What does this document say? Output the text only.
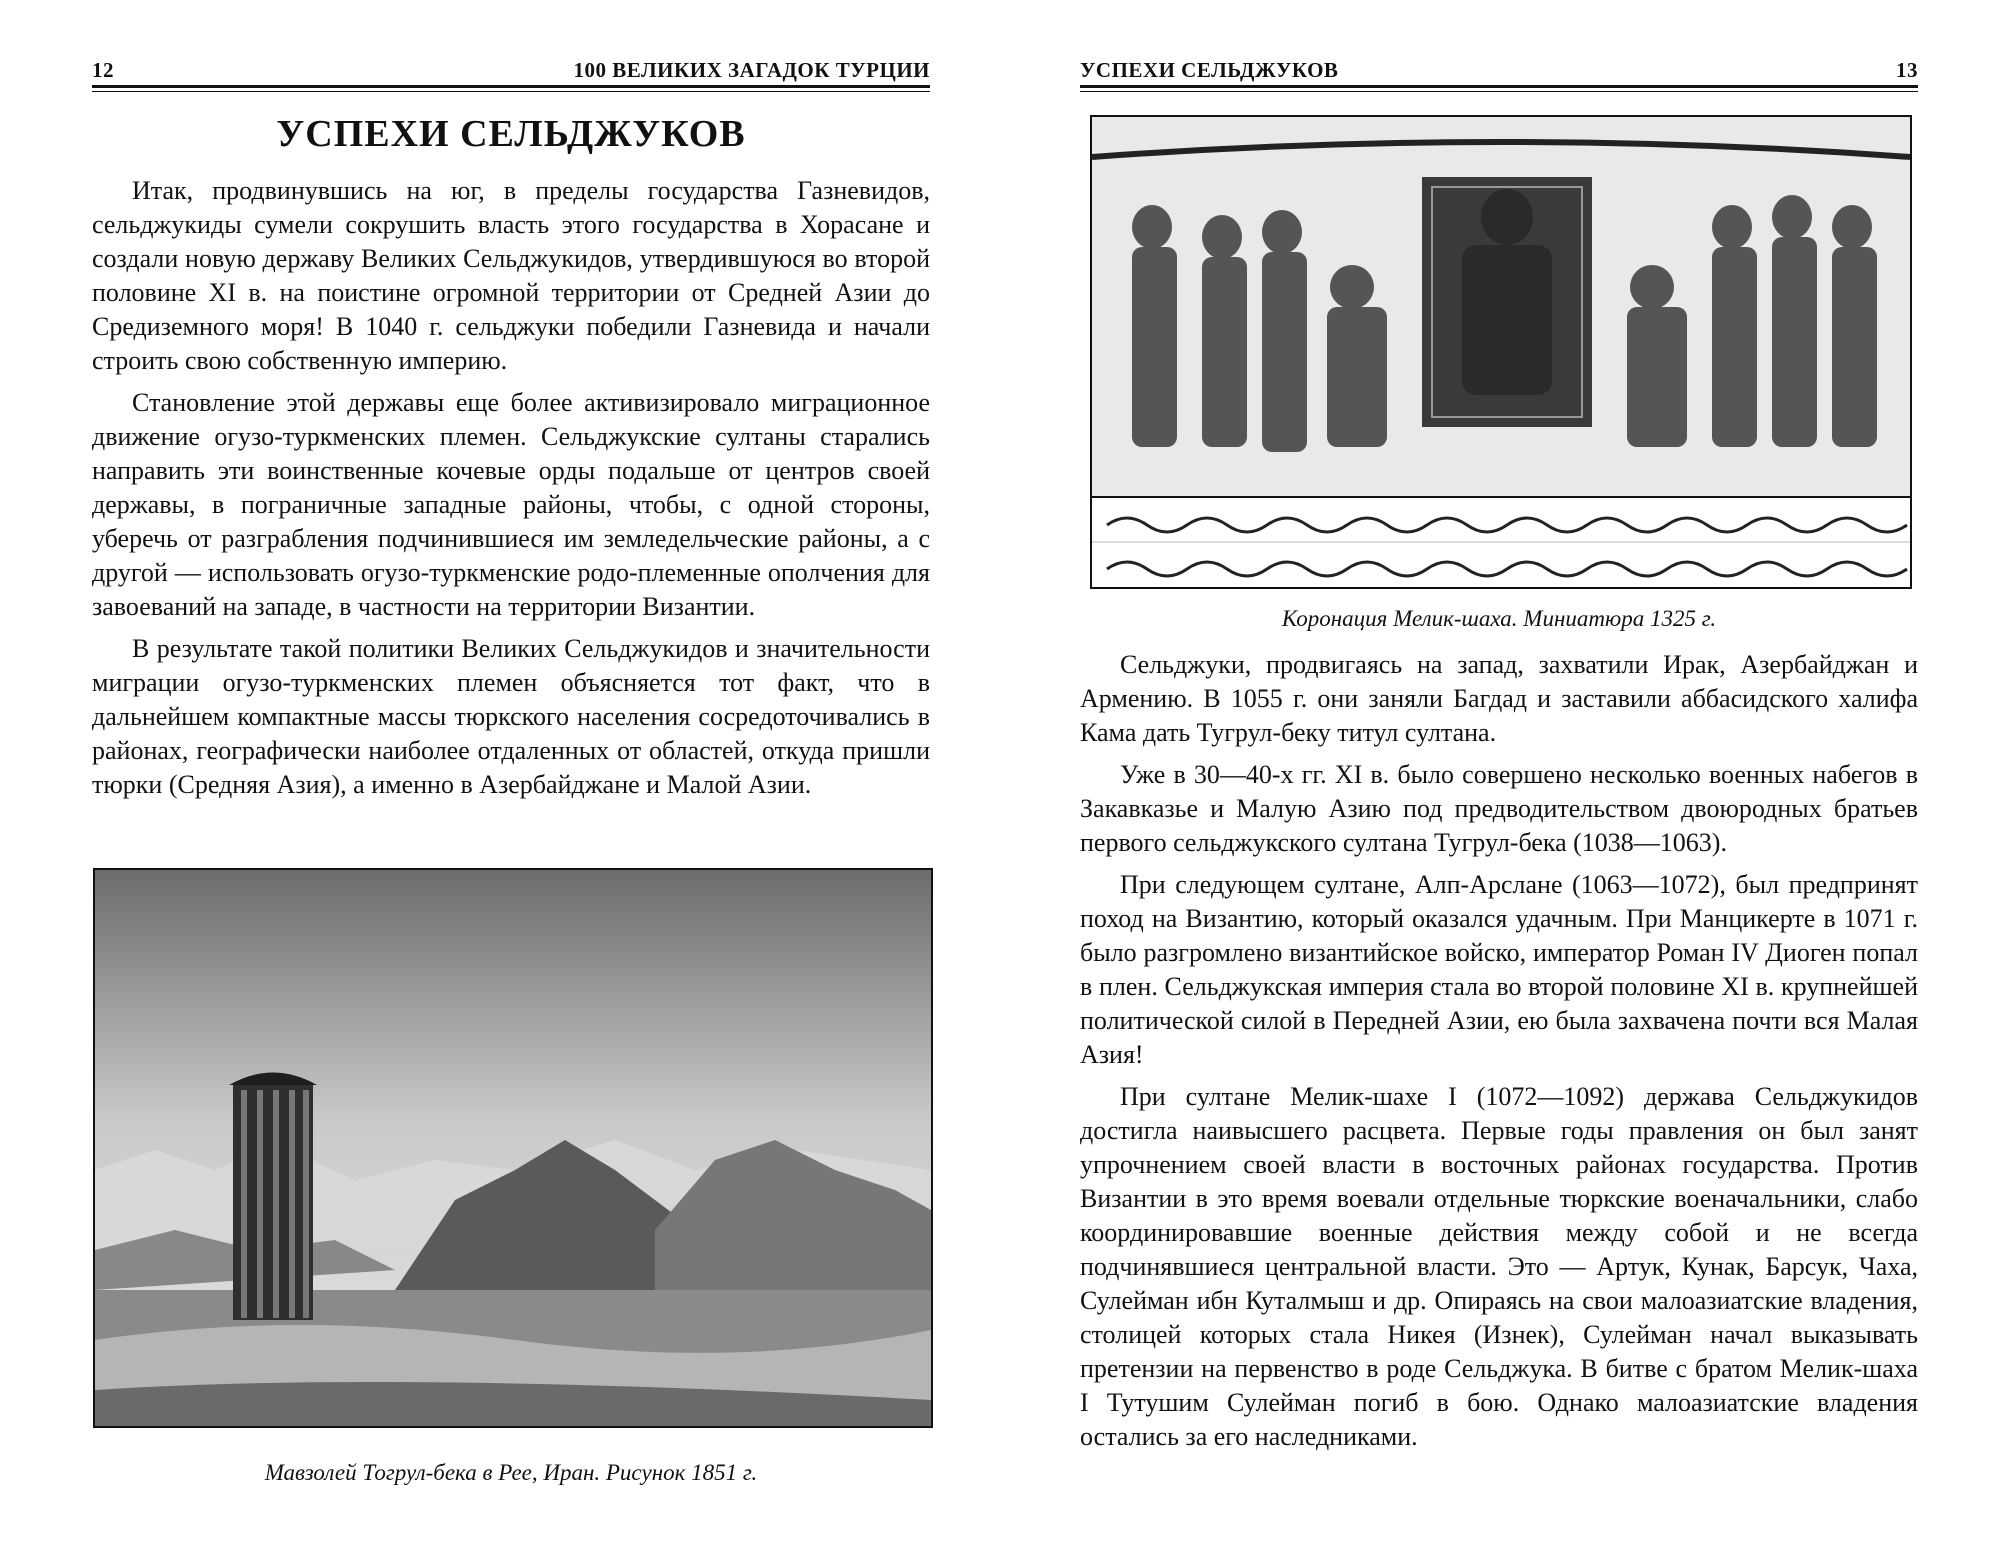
12	100 ВЕЛИКИХ ЗАГАДОК ТУРЦИИ
УСПЕХИ СЕЛЬДЖУКОВ

Итак, продвинувшись на юг, в пределы государства Газневидов, сельджукиды сумели сокрушить власть этого государства в Хорасане и создали новую державу Великих Сельджукидов, утвердившуюся во второй половине XI в. на поистине огромной территории от Средней Азии до Средиземного моря! В 1040 г. сельджуки победили Газневида и начали строить свою собственную империю.

Становление этой державы еще более активизировало миграционное движение огузо-туркменских племен. Сельджукские султаны старались направить эти воинственные кочевые орды подальше от центров своей державы, в пограничные западные районы, чтобы, с одной стороны, уберечь от разграбления подчинившиеся им земледельческие районы, а с другой — использовать огузо-туркменские родо-племенные ополчения для завоеваний на западе, в частности на территории Византии.

В результате такой политики Великих Сельджукидов и значительности миграции огузо-туркменских племен объясняется тот факт, что в дальнейшем компактные массы тюркского населения сосредоточивались в районах, географически наиболее отдаленных от областей, откуда пришли тюрки (Средняя Азия), а именно в Азербайджане и Малой Азии.

Мавзолей Тогрул-бека в Рее, Иран. Рисунок 1851 г.
УСПЕХИ СЕЛЬДЖУКОВ	13
Коронация Мелик-шаха. Миниатюра 1325 г.

Сельджуки, продвигаясь на запад, захватили Ирак, Азербайджан и Армению. В 1055 г. они заняли Багдад и заставили аббасидского халифа Кама дать Тугрул-беку титул султана.

Уже в 30—40-х гг. XI в. было совершено несколько военных набегов в Закавказье и Малую Азию под предводительством двоюродных братьев первого сельджукского султана Тугрул-бека (1038—1063).

При следующем султане, Алп-Арслане (1063—1072), был предпринят поход на Византию, который оказался удачным. При Манцикерте в 1071 г. было разгромлено византийское войско, император Роман IV Диоген попал в плен. Сельджукская империя стала во второй половине XI в. крупнейшей политической силой в Передней Азии, ею была захвачена почти вся Малая Азия!

При султане Мелик-шахе I (1072—1092) держава Сельджукидов достигла наивысшего расцвета. Первые годы правления он был занят упрочнением своей власти в восточных районах государства. Против Византии в это время воевали отдельные тюркские военачальники, слабо координировавшие военные действия между собой и не всегда подчинявшиеся центральной власти. Это — Артук, Кунак, Барсук, Чаха, Сулейман ибн Куталмыш и др. Опираясь на свои малоазиатские владения, столицей которых стала Никея (Изнек), Сулейман начал выказывать претензии на первенство в роде Сельджука. В битве с братом Мелик-шаха I Тутушим Сулейман погиб в бою. Однако малоазиатские владения остались за его наследниками.
